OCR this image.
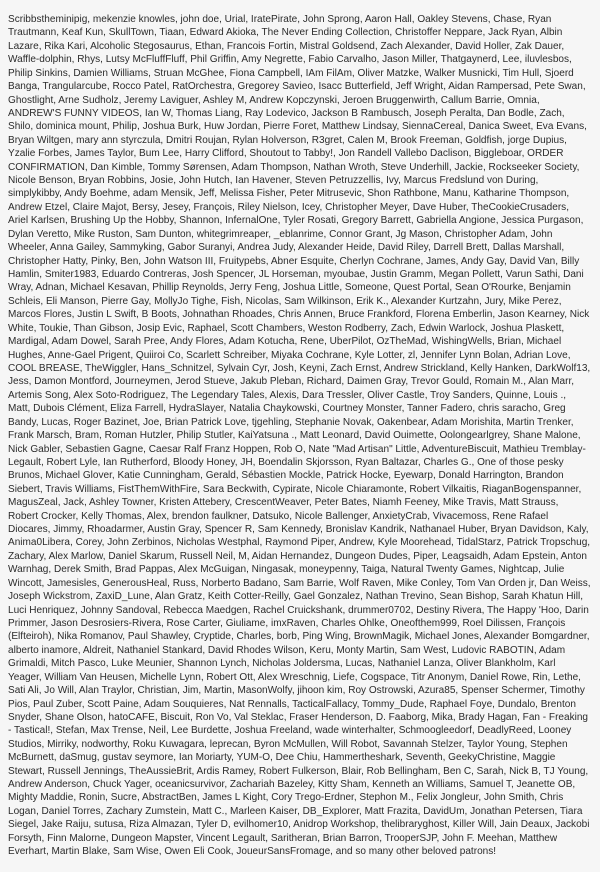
Scribbstheminipig, mekenzie knowles, john doe, Urial, IratePirate, John Sprong, Aaron Hall, Oakley Stevens, Chase, Ryan Trautmann, Keaf Kun, SkullTown, Tiaan, Edward Akioka, The Never Ending Collection, Christoffer Neppare, Jack Ryan, Albin Lazare, Rika Kari, Alcoholic Stegosaurus, Ethan, Francois Fortin, Mistral Goldsend, Zach Alexander, David Holler, Zak Dauer, Waffle-dolphin, Rhys, Lutsy McFluffFluff, Phil Griffin, Amy Negrette, Fabio Carvalho, Jason Miller, Thatgaynerd, Lee, iluvlesbos, Philip Sinkins, Damien Williams, Struan McGhee, Fiona Campbell, IAm FilAm, Oliver Matzke, Walker Musnicki, Tim Hull, Sjoerd Banga, Trangularcube, Rocco Patel, RatOrchestra, Gregorey Savieo, Isacc Butterfield, Jeff Wright, Aidan Rampersad, Pete Swan, Ghostlight, Arne Sudholz, Jeremy Laviguer, Ashley M, Andrew Kopczynski, Jeroen Bruggenwirth, Callum Barrie, Omnia, ANDREW'S FUNNY VIDEOS, Ian W, Thomas Liang, Ray Lodevico, Jackson B Rambusch, Joseph Peralta, Dan Bodle, Zach, Shilo, dominica mount, Philip, Joshua Burk, Huw Jordan, Pierre Foret, Matthew Lindsay, SiennaCereal, Danica Sweet, Eva Evans, Bryan Wiltgen, mary ann styrczula, Dmitri Roujan, Rylan Holverson, R3gret, Calen M, Brook Freeman, Goldfish, jorge Dupius, Yzalie Forbes, James Taylor, Bum Lee, Harry Clifford, Shoutout to Tabby!, Jon Randell Vallebo Daclison, Biggleboar, ORDER CONFIRMATION, Dan Kimble, Tommy Sørensen, Adam Thompson, Nathan Wroth, Steve Underhill, Jackie, Rockseeker Society, Nicole Benson, Bryan Robbins, Josie, John Hutch, Ian Havener, Steven Petruzzellis, Ivy, Marcus Fredslund von During, simplykibby, Andy Boehme, adam Mensik, Jeff, Melissa Fisher, Peter Mitrusevic, Shon Rathbone, Manu, Katharine Thompson, Andrew Etzel, Claire Majot, Bersy, Jesey, François, Riley Nielson, Icey, Christopher Meyer, Dave Huber, TheCookieCrusaders, Ariel Karlsen, Brushing Up the Hobby, Shannon, InfernalOne, Tyler Rosati, Gregory Barrett, Gabriella Angione, Jessica Purgason, Dylan Veretto, Mike Ruston, Sam Dunton, whitegrimreaper, _eblanrime, Connor Grant, Jg Mason, Christopher Adam, John Wheeler, Anna Gailey, Sammyking, Gabor Suranyi, Andrea Judy, Alexander Heide, David Riley, Darrell Brett, Dallas Marshall, Christopher Hatty, Pinky, Ben, John Watson III, Fruitypebs, Abner Esquite, Cherlyn Cochrane, James, Andy Gay, David Van, Billy Hamlin, Smiter1983, Eduardo Contreras, Josh Spencer, JL Horseman, myoubae, Justin Gramm, Megan Pollett, Varun Sathi, Dani Wray, Adnan, Michael Kesavan, Phillip Reynolds, Jerry Feng, Joshua Little, Someone, Quest Portal, Sean O'Rourke, Benjamin Schleis, Eli Manson, Pierre Gay, MollyJo Tighe, Fish, Nicolas, Sam Wilkinson, Erik K., Alexander Kurtzahn, Jury, Mike Perez, Marcos Flores, Justin L Swift, B Boots, Johnathan Rhoades, Chris Annen, Bruce Frankford, Florena Emberlin, Jason Kearney, Nick White, Toukie, Than Gibson, Josip Evic, Raphael, Scott Chambers, Weston Rodberry, Zach, Edwin Warlock, Joshua Plaskett, Mardigal, Adam Dowel, Sarah Pree, Andy Flores, Adam Kotucha, Rene, UberPilot, OzTheMad, WishingWells, Brian, Michael Hughes, Anne-Gael Prigent, Quiiroi Co, Scarlett Schreiber, Miyaka Cochrane, Kyle Lotter, zl, Jennifer Lynn Bolan, Adrian Love, COOL BREASE, TheWiggler, Hans_Schnitzel, Sylvain Cyr, Josh, Keyni, Zach Ernst, Andrew Strickland, Kelly Hanken, DarkWolf13, Jess, Damon Montford, Journeymen, Jerod Stueve, Jakub Pleban, Richard, Daimen Gray, Trevor Gould, Romain M., Alan Marr, Artemis Song, Alex Soto-Rodriguez, The Legendary Tales, Alexis, Dara Tressler, Oliver Castle, Troy Sanders, Quinne, Louis ., Matt, Dubois Clément, Eliza Farrell, HydraSlayer, Natalia Chaykowski, Courtney Monster, Tanner Fadero, chris saracho, Greg Bandy, Lucas, Roger Bazinet, Joe, Brian Patrick Love, tjgehling, Stephanie Novak, Oakenbear, Adam Morishita, Martin Trenker, Frank Marsch, Bram, Roman Hutzler, Philip Stutler, KaiYatsuna ., Matt Leonard, David Ouimette, Oolongearlgrey, Shane Malone, Nick Gabler, Sebastien Gagne, Caesar Ralf Franz Hoppen, Rob O, Nate "Mad Artisan" Little, AdventureBiscuit, Mathieu Tremblay-Legault, Robert Lyle, Ian Rutherford, Bloody Honey, JH, Boendalin Skjorsson, Ryan Baltazar, Charles G., One of those pesky Brunos, Michael Glover, Katie Cunningham, Gerald, Sébastien Mockle, Patrick Hocke, Eyewarp, Donald Harrington, Brandon Siebert, Travis Williams, FistThemWithFire, Sara Beckwith, Cypirate, Nicole Chiaramonte, Robert Vilkaitis, RiaganBogenspanner, MagusZeal, Jack, Ashley Towner, Kristen Attebery, CrescentWeaver, Peter Bates, Niamh Feeney, Mike Travis, Matt Strauss, Robert Crocker, Kelly Thomas, Alex, brendon faulkner, Datsuko, Nicole Ballenger, AnxietyCrab, Vivacemoss, Rene Rafael Diocares, Jimmy, Rhoadarmer, Austin Gray, Spencer R, Sam Kennedy, Bronislav Kandrik, Nathanael Huber, Bryan Davidson, Kaly, Anima0Libera, Corey, John Zerbinos, Nicholas Westphal, Raymond Piper, Andrew, Kyle Moorehead, TidalStarz, Patrick Tropschug, Zachary, Alex Marlow, Daniel Skarum, Russell Neil, M, Aidan Hernandez, Dungeon Dudes, Piper, Leagsaidh, Adam Epstein, Anton Warnhag, Derek Smith, Brad Pappas, Alex McGuigan, Ningasak, moneypenny, Taiga, Natural Twenty Games, Nightcap, Julie Wincott, Jamesisles, GenerousHeal, Russ, Norberto Badano, Sam Barrie, Wolf Raven, Mike Conley, Tom Van Orden jr, Dan Weiss, Joseph Wickstrom, ZaxiD_Lune, Alan Gratz, Keith Cotter-Reilly, Gael Gonzalez, Nathan Trevino, Sean Bishop, Sarah Khatun Hill, Luci Henriquez, Johnny Sandoval, Rebecca Maedgen, Rachel Cruickshank, drummer0702, Destiny Rivera, The Happy 'Hoo, Darin Primmer, Jason Desrosiers-Rivera, Rose Carter, Giuliame, imxRaven, Charles Ohlke, Oneofthem999, Roel Dilissen, François (Elfteiroh), Nika Romanov, Paul Shawley, Cryptide, Charles, borb, Ping Wing, BrownMagik, Michael Jones, Alexander Bomgardner, alberto inamore, Aldreit, Nathaniel Stankard, David Rhodes Wilson, Keru, Monty Martin, Sam West, Ludovic RABOTIN, Adam Grimaldi, Mitch Pasco, Luke Meunier, Shannon Lynch, Nicholas Joldersma, Lucas, Nathaniel Lanza, Oliver Blankholm, Karl Yeager, William Van Heusen, Michelle Lynn, Robert Ott, Alex Wreschnig, Liefe, Cogspace, Titr Anonym, Daniel Rowe, Rin, Lethe, Sati Ali, Jo Will, Alan Traylor, Christian, Jim, Martin, MasonWolfy, jihoon kim, Roy Ostrowski, Azura85, Spenser Schermer, Timothy Pios, Paul Zuber, Scott Paine, Adam Souquieres, Nat Rennalls, TacticalFallacy, Tommy_Dude, Raphael Foye, Dundalo, Brenton Snyder, Shane Olson, hatoCAFE, Biscuit, Ron Vo, Val Steklac, Fraser Henderson, D. Faaborg, Mika, Brady Hagan, Fan - Freaking - Tastical!, Stefan, Max Trense, Neil, Lee Burdette, Joshua Freeland, wade winterhalter, Schmoogleedorf, DeadlyReed, Looney Studios, Mirriky, nodworthy, Roku Kuwagara, leprecan, Byron McMullen, Will Robot, Savannah Stelzer, Taylor Young, Stephen McBurnett, daSmug, gustav seymore, Ian Moriarty, YUM-O, Dee Chiu, Hammertheshark, Seventh, GeekyChristine, Maggie Stewart, Russell Jennings, TheAussieBrit, Ardis Ramey, Robert Fulkerson, Blair, Rob Bellingham, Ben C, Sarah, Nick B, TJ Young, Andrew Anderson, Chuck Yager, oceanicsurvivor, Zachariah Bazeley, Kitty Sham, Kenneth an Williams, Samuel T, Jeanette OB, Mighty Maddie, Ronin, Sucre, AbstractBen, James L Kight, Cory Trego-Erdner, Stephon M., Felix Jongleur, John Smith, Chris Logan, Daniel Torres, Zachary Zumstein, Matt C., Marleen Kaiser, DB_Explorer, Matt Frazita, DavidUm, Jonathan Petersen, Tiara Siegel, Jake Raiju, sutusa, Riza Almazan, Tyler D, evilhomer10, Anidrop Workshop, thelibraryghost, Killer Will, Jain Deaux, Jackobi Forsyth, Finn Malorne, Dungeon Mapster, Vincent Legault, Saritheran, Brian Barron, TrooperSJP, John F. Meehan, Matthew Everhart, Martin Blake, Sam Wise, Owen Eli Cook, JoueurSansFromage, and so many other beloved patrons!
